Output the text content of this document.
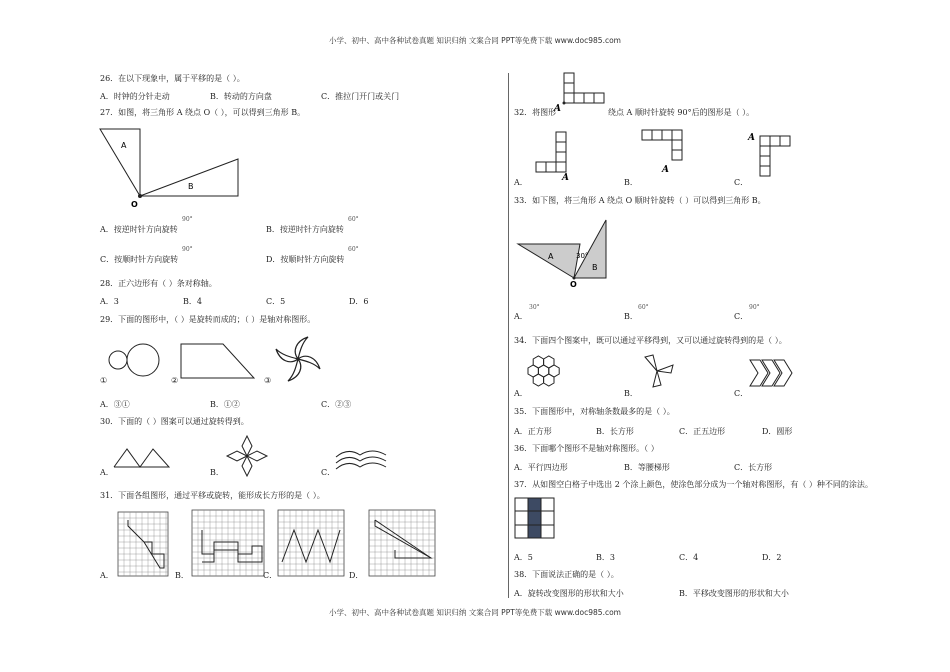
小学、初中、高中各种试卷真题 知识归纳 文案合同 PPT等免费下载 www.doc985.com
26．在以下现象中，属于平移的是（ ）。
A．时钟的分针走动	B．转动的方向盘	C．推拉门开门或关门
27．如图，将三角形 A 绕点 O（ ），可以得到三角形 B。
A
B
O
A．按逆时针方向旋转
90°
B．按逆时针方向旋转
60°
C．按顺时针方向旋转
90°
D．按顺时针方向旋转
60°
28．正六边形有（ ）条对称轴。
A．3	B．4	C．5	D．6
29．下面的图形中，（ ）是旋转而成的；（ ）是轴对称图形。
①	②	③
A．③①	B．①②	C．②③
30．下面的（ ）图案可以通过旋转得到。
A．	B．	C．
31．下面各组图形，通过平移或旋转，能形成长方形的是（ ）。
A．	B．	C．	D．
32．将图形
A	绕点 A 顺时针旋转 90°后的图形是（ ）。
A．	A	B．
A
C．
A
33．如下图，将三角形 A 绕点 O 顺时针旋转（ ）可以得到三角形 B。
A
B
30°
O
A．
30°
B．
60°
C．
90°
34．下面四个图案中，既可以通过平移得到，又可以通过旋转得到的是（ ）。
A．	B．	C．
35．下面图形中，对称轴条数最多的是（ ）。
A．正方形	B．长方形	C．正五边形	D．圆形
36．下面哪个图形不是轴对称图形。（ ）
A．平行四边形	B．等腰梯形	C．长方形
37．从如图空白格子中选出 2 个涂上颜色，使涂色部分成为一个轴对称图形，有（ ）种不同的涂法。
A．5	B．3	C．4	D．2
38．下面说法正确的是（ ）。
A．旋转改变图形的形状和大小	B．平移改变图形的形状和大小
小学、初中、高中各种试卷真题 知识归纳 文案合同 PPT等免费下载 www.doc985.com
